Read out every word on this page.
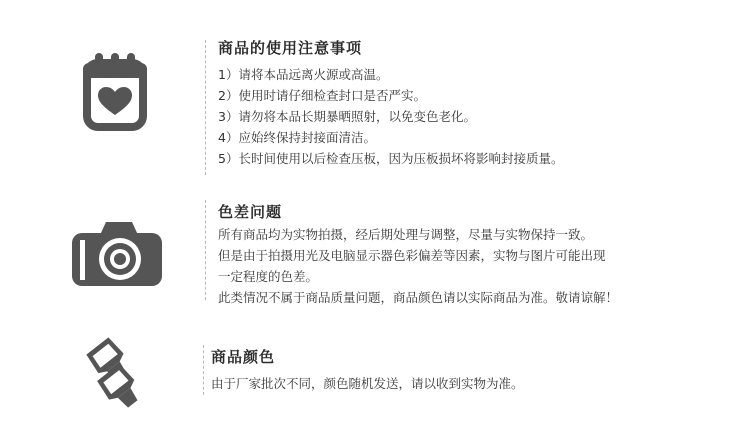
商品的使用注意事项
1）请将本品远离火源或高温。
2）使用时请仔细检查封口是否严实。
3）请勿将本品长期暴晒照射，以免变色老化。
4）应始终保持封接面清洁。
5）长时间使用以后检查压板，因为压板损坏将影响封接质量。
色差问题
所有商品均为实物拍摄，经后期处理与调整，尽量与实物保持一致。
但是由于拍摄用光及电脑显示器色彩偏差等因素，实物与图片可能出现
一定程度的色差。
此类情况不属于商品质量问题，商品颜色请以实际商品为准。敬请谅解！
商品颜色
由于厂家批次不同，颜色随机发送，请以收到实物为准。
